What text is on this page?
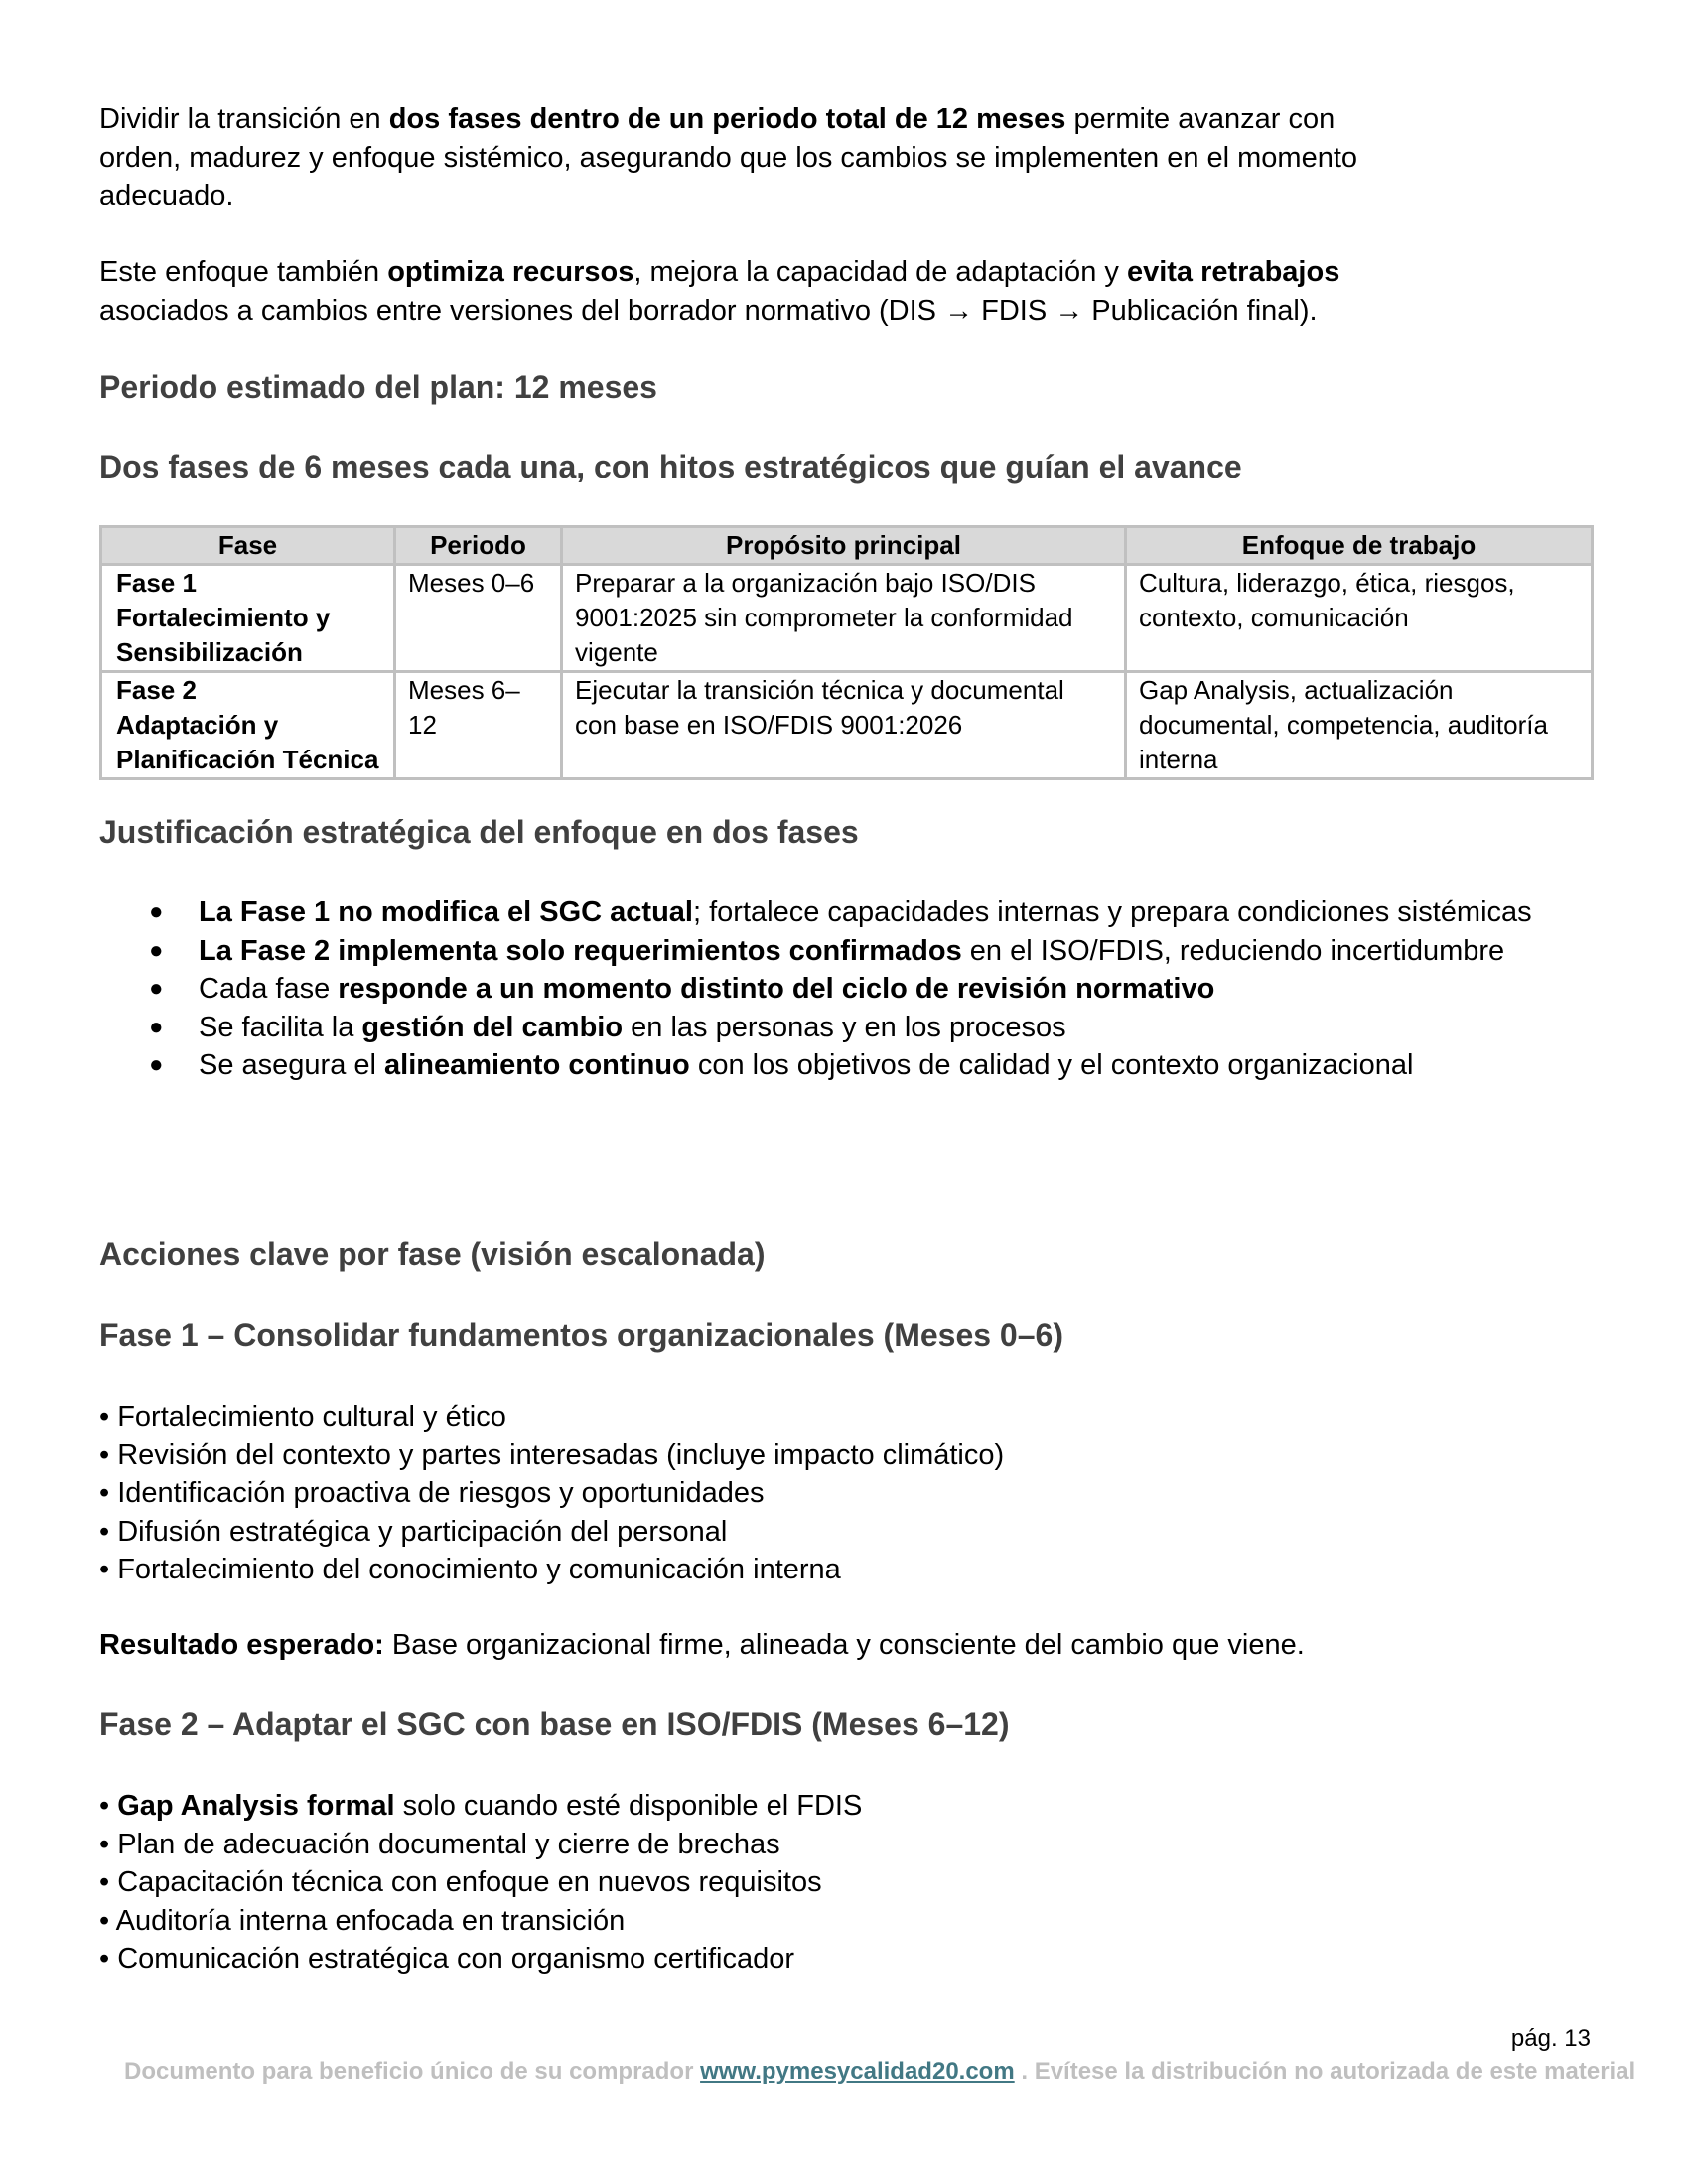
Dividir la transición en dos fases dentro de un periodo total de 12 meses permite avanzar con

orden, madurez y enfoque sistémico, asegurando que los cambios se implementen en el momento

adecuado.

Este enfoque también optimiza recursos, mejora la capacidad de adaptación y evita retrabajos

asociados a cambios entre versiones del borrador normativo (DIS → FDIS → Publicación final).

Periodo estimado del plan: 12 meses
Dos fases de 6 meses cada una, con hitos estratégicos que guían el avance
Fase	Periodo	Propósito principal	Enfoque de trabajo

Fase 1
Fortalecimiento y
Sensibilización	Meses 0–6	Preparar a la organización bajo ISO/DIS 9001:2025 sin comprometer la conformidad vigente	Cultura, liderazgo, ética, riesgos, contexto, comunicación

Fase 2
Adaptación y
Planificación Técnica	Meses 6–12	Ejecutar la transición técnica y documental con base en ISO/FDIS 9001:2026	Gap Analysis, actualización documental, competencia, auditoría interna
Justificación estratégica del enfoque en dos fases
● La Fase 1 no modifica el SGC actual; fortalece capacidades internas y prepara condiciones sistémicas
● La Fase 2 implementa solo requerimientos confirmados en el ISO/FDIS, reduciendo incertidumbre
● Cada fase responde a un momento distinto del ciclo de revisión normativo
● Se facilita la gestión del cambio en las personas y en los procesos
● Se asegura el alineamiento continuo con los objetivos de calidad y el contexto organizacional
Acciones clave por fase (visión escalonada)
Fase 1 – Consolidar fundamentos organizacionales (Meses 0–6)
• Fortalecimiento cultural y ético
• Revisión del contexto y partes interesadas (incluye impacto climático)
• Identificación proactiva de riesgos y oportunidades
• Difusión estratégica y participación del personal
• Fortalecimiento del conocimiento y comunicación interna

Resultado esperado: Base organizacional firme, alineada y consciente del cambio que viene.

Fase 2 – Adaptar el SGC con base en ISO/FDIS (Meses 6–12)
• Gap Analysis formal solo cuando esté disponible el FDIS
• Plan de adecuación documental y cierre de brechas
• Capacitación técnica con enfoque en nuevos requisitos
• Auditoría interna enfocada en transición
• Comunicación estratégica con organismo certificador
pág. 13
Documento para beneficio único de su comprador www.pymesycalidad20.com . Evítese la distribución no autorizada de este material
